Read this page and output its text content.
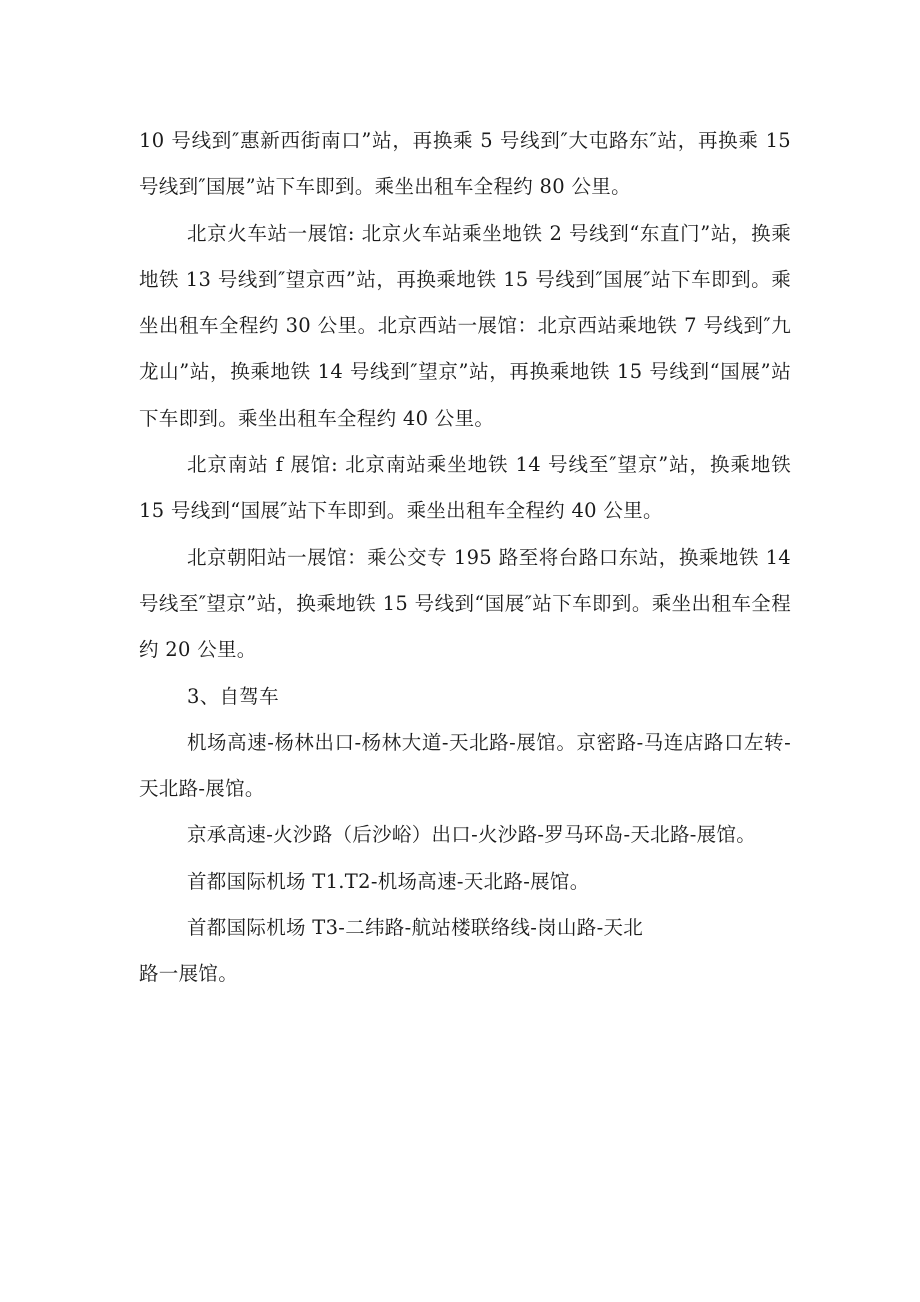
10 号线到″惠新西街南口”站，再换乘 5 号线到″大屯路东″站，再换乘 15 号线到″国展”站下车即到。乘坐出租车全程约 80 公里。

北京火车站一展馆: 北京火车站乘坐地铁 2 号线到“东直门”站，换乘地铁 13 号线到″望京西”站，再换乘地铁 15 号线到″国展″站下车即到。乘坐出租车全程约 30 公里。北京西站一展馆：北京西站乘地铁 7 号线到″九龙山”站，换乘地铁 14 号线到″望京”站，再换乘地铁 15 号线到“国展”站下车即到。乘坐出租车全程约 40 公里。

北京南站 f 展馆: 北京南站乘坐地铁 14 号线至″望京”站，换乘地铁 15 号线到“国展″站下车即到。乘坐出租车全程约 40 公里。

北京朝阳站一展馆：乘公交专 195 路至将台路口东站，换乘地铁 14 号线至″望京”站，换乘地铁 15 号线到“国展″站下车即到。乘坐出租车全程约 20 公里。

3、自驾车

机场高速-杨林出口-杨林大道-天北路-展馆。京密路-马连店路口左转-天北路-展馆。

京承高速-火沙路（后沙峪）出口-火沙路-罗马环岛-天北路-展馆。

首都国际机场 T1.T2-机场高速-天北路-展馆。

首都国际机场 T3-二纬路-航站楼联络线-岗山路-天北

路一展馆。
